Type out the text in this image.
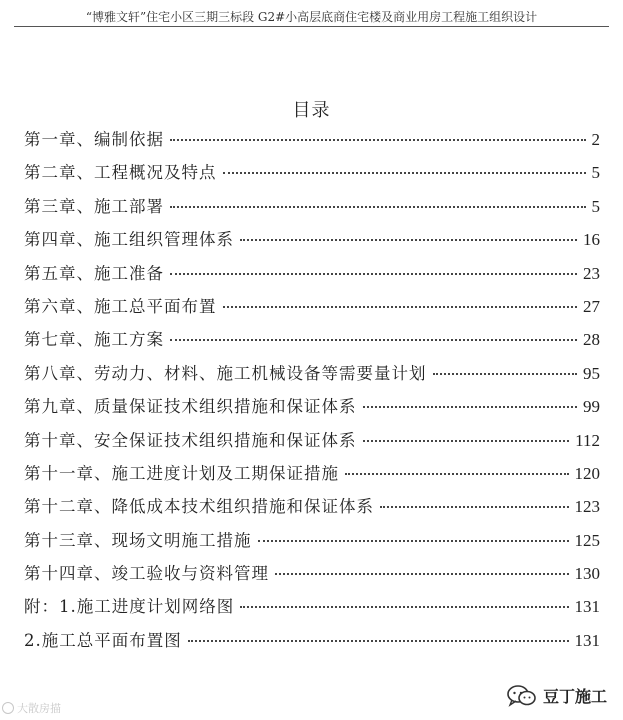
“博雅文轩”住宅小区三期三标段 G2#小高层底商住宅楼及商业用房工程施工组织设计
目录
第一章、编制依据	2
第二章、工程概况及特点	5
第三章、施工部署	5
第四章、施工组织管理体系	16
第五章、施工准备	23
第六章、施工总平面布置	27
第七章、施工方案	28
第八章、劳动力、材料、施工机械设备等需要量计划	95
第九章、质量保证技术组织措施和保证体系	99
第十章、安全保证技术组织措施和保证体系	112
第十一章、施工进度计划及工期保证措施	120
第十二章、降低成本技术组织措施和保证体系	123
第十三章、现场文明施工措施	125
第十四章、竣工验收与资料管理	130
附：1.施工进度计划网络图	131
2.施工总平面布置图	131
大散房描
豆丁施工
